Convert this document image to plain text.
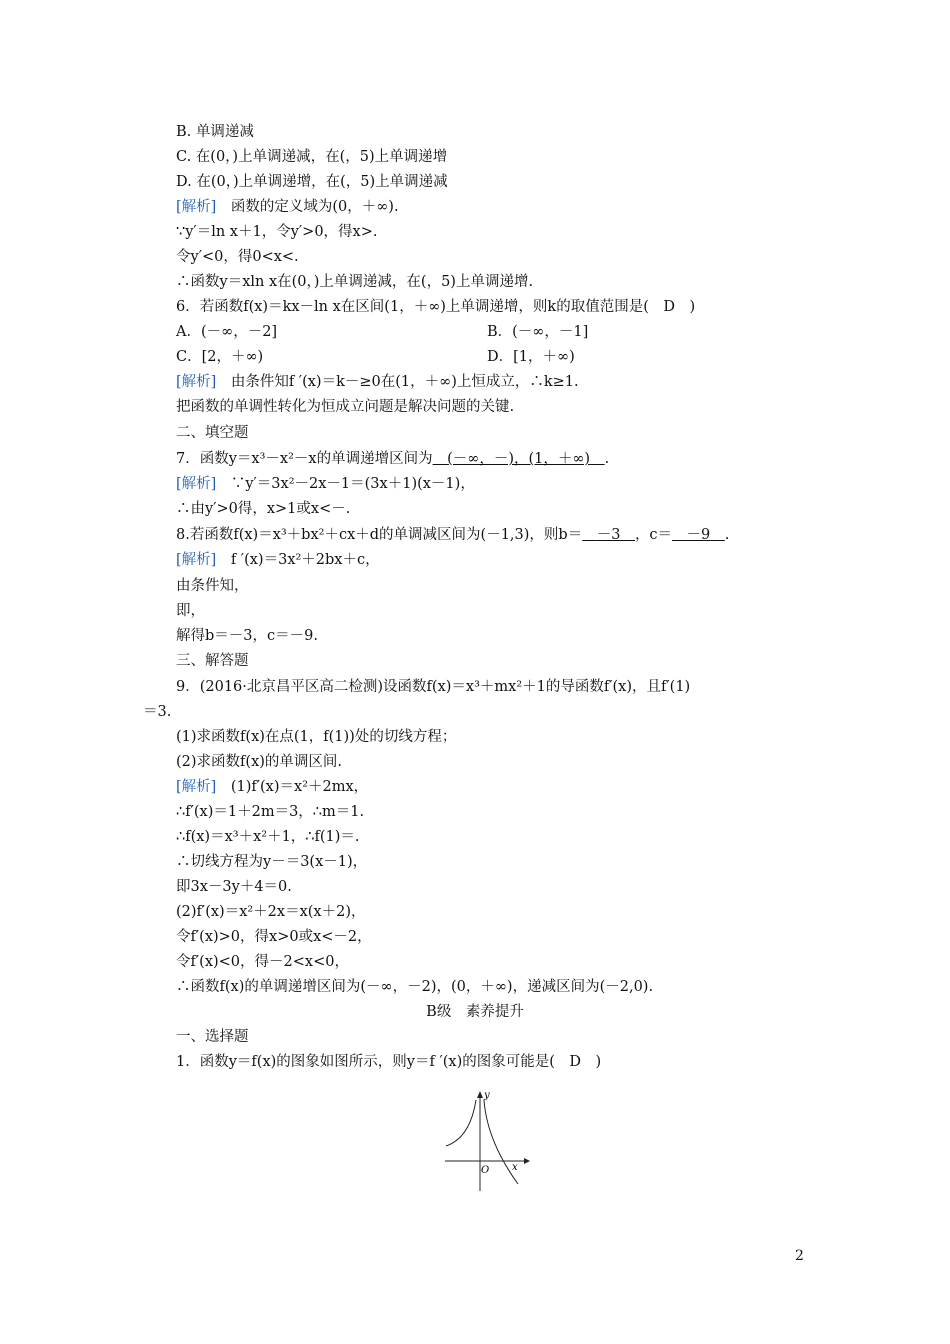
B. 单调递减
C. 在(0，)上单调递减，在(，5)上单调递增
D. 在(0，)上单调递增，在(，5)上单调递减
[解析]　 函数的定义域为(0，＋∞).
∵y′＝ln x＋1，令y′>0，得x>.
令y′<0，得0<x<.
∴函数y＝xln x在(0，)上单调递减，在(，5)上单调递增.
6．若函数f(x)＝kx－ln x在区间(1，＋∞)上单调递增，则k的取值范围是(　D　)
A．(－∞，－2]	B．(－∞，－1]
C．[2，＋∞)	D．[1，＋∞)
[解析]　 由条件知f ′(x)＝k－≥0在(1，＋∞)上恒成立，∴k≥1.
把函数的单调性转化为恒成立问题是解决问题的关键.
二、填空题
7．函数y＝x³－x²－x的单调递增区间为　 (－∞，－)，(1，＋∞)　 .
[解析]　 ∵y′＝3x²－2x－1＝(3x＋1)(x－1)，
∴由y′>0得，x>1或x<－.
8.若函数f(x)＝x³＋bx²＋cx＋d的单调减区间为(－1,3)，则b＝　 －3　 ，c＝　 －9　 .
[解析]　 f ′(x)＝3x²＋2bx＋c，
由条件知，
即，
解得b＝－3，c＝－9.
三、解答题
9．(2016·北京昌平区高二检测)设函数f(x)＝x³＋mx²＋1的导函数f′(x)，且f′(1)
＝3.
(1)求函数f(x)在点(1，f(1))处的切线方程；
(2)求函数f(x)的单调区间.
[解析]　 (1)f′(x)＝x²＋2mx，
∴f′(x)＝1＋2m＝3，∴m＝1.
∴f(x)＝x³＋x²＋1，∴f(1)＝.
∴切线方程为y－＝3(x－1)，
即3x－3y＋4＝0.
(2)f′(x)＝x²＋2x＝x(x＋2)，
令f′(x)>0，得x>0或x<－2，
令f′(x)<0，得－2<x<0，
∴函数f(x)的单调递增区间为(－∞，－2)，(0，＋∞)，递减区间为(－2,0).
B级　素养提升
一、选择题
1．函数y＝f(x)的图象如图所示，则y＝f ′(x)的图象可能是(　D　)
y
x
O
2
